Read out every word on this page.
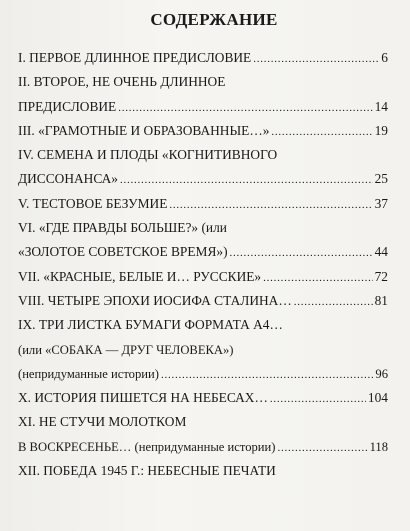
СОДЕРЖАНИЕ
I. ПЕРВОЕ ДЛИННОЕ ПРЕДИСЛОВИЕ . . .	6
II. ВТОРОЕ, НЕ ОЧЕНЬ ДЛИННОЕ
ПРЕДИСЛОВИЕ . . .	14
III. «ГРАМОТНЫЕ И ОБРАЗОВАННЫЕ…» . . .	19
IV. СЕМЕНА И ПЛОДЫ «КОГНИТИВНОГО
ДИССОНАНСА» . . .	25
V. ТЕСТОВОЕ БЕЗУМИЕ . . .	37
VI. «ГДЕ ПРАВДЫ БОЛЬШЕ?» (или
«ЗОЛОТОЕ СОВЕТСКОЕ ВРЕМЯ») . . .	44
VII. «КРАСНЫЕ, БЕЛЫЕ И… РУССКИЕ» . . .	72
VIII. ЧЕТЫРЕ ЭПОХИ ИОСИФА СТАЛИНА… . . .	81
IX. ТРИ ЛИСТКА БУМАГИ ФОРМАТА А4…
(или «СОБАКА — ДРУГ ЧЕЛОВЕКА»)
(непридуманные истории) . . .	96
X. ИСТОРИЯ ПИШЕТСЯ НА НЕБЕСАХ… . . .	104
XI. НЕ СТУЧИ МОЛОТКОМ
В ВОСКРЕСЕНЬЕ… (непридуманные истории) . . .	118
XII. ПОБЕДА 1945 Г.: НЕБЕСНЫЕ ПЕЧАТИ
